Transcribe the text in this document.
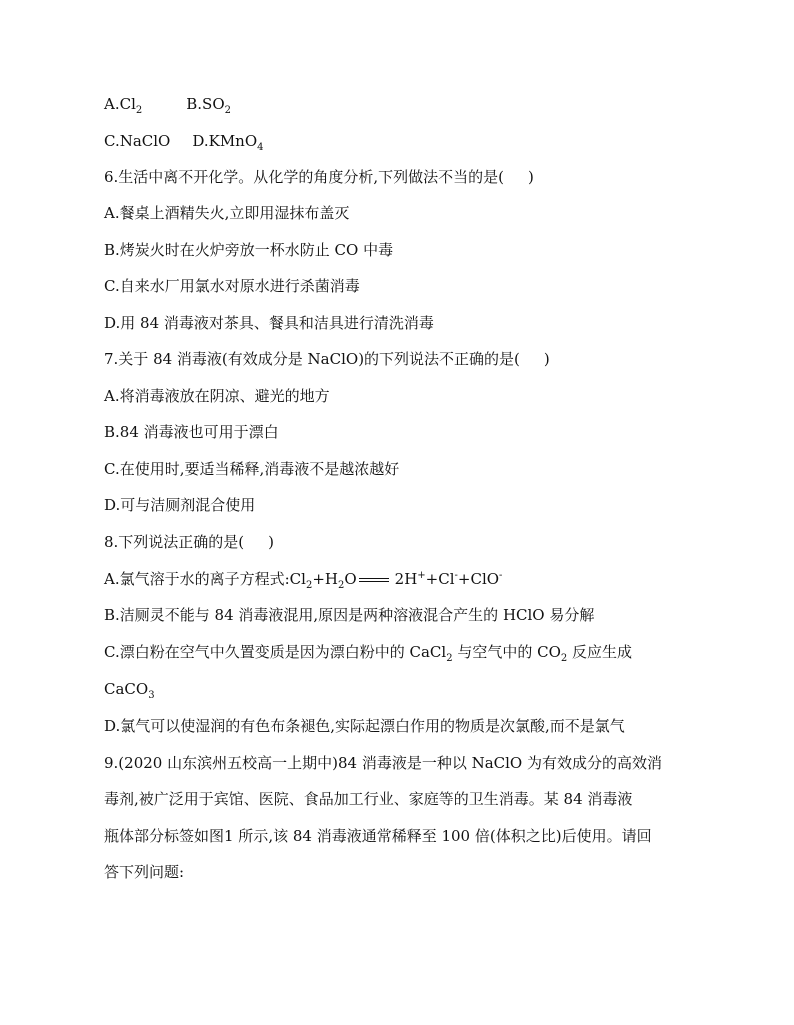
$A.Cl_2$	$B.SO_2$
C.NaClO D.KMnO$_4$
6.生活中离不开化学。从化学的角度分析,下列做法不当的是( )
A.餐桌上酒精失火,立即用湿抹布盖灭
B.烤炭火时在火炉旁放一杯水防止 CO 中毒
C.自来水厂用氯水对原水进行杀菌消毒
D.用 84 消毒液对茶具、餐具和洁具进行清洗消毒
7.关于 84 消毒液(有效成分是 NaClO)的下列说法不正确的是( )
A.将消毒液放在阴凉、避光的地方
B.84 消毒液也可用于漂白
C.在使用时,要适当稀释,消毒液不是越浓越好
D.可与洁厕剂混合使用
8.下列说法正确的是( )
A.氯气溶于水的离子方程式$:Cl_2+H_2O$	2H++Cl-+ClO-
B.洁厕灵不能与 84 消毒液混用,原因是两种溶液混合产生的 HClO 易分解
C.漂白粉在空气中久置变质是因为漂白粉中的 CaCl$_2$ 与空气中的 $CO_2$ 反应生成
CaCO$_3$
D.氯气可以使湿润的有色布条褪色,实际起漂白作用的物质是次氯酸,而不是氯气
9.(2020 山东滨州五校高一上期中)84 消毒液是一种以 NaClO 为有效成分的高效消
毒剂,被广泛用于宾馆、医院、食品加工行业、家庭等的卫生消毒。某 84 消毒液
瓶体部分标签如图1 所示,该 84 消毒液通常稀释至 100 倍(体积之比)后使用。请回
答下列问题:
